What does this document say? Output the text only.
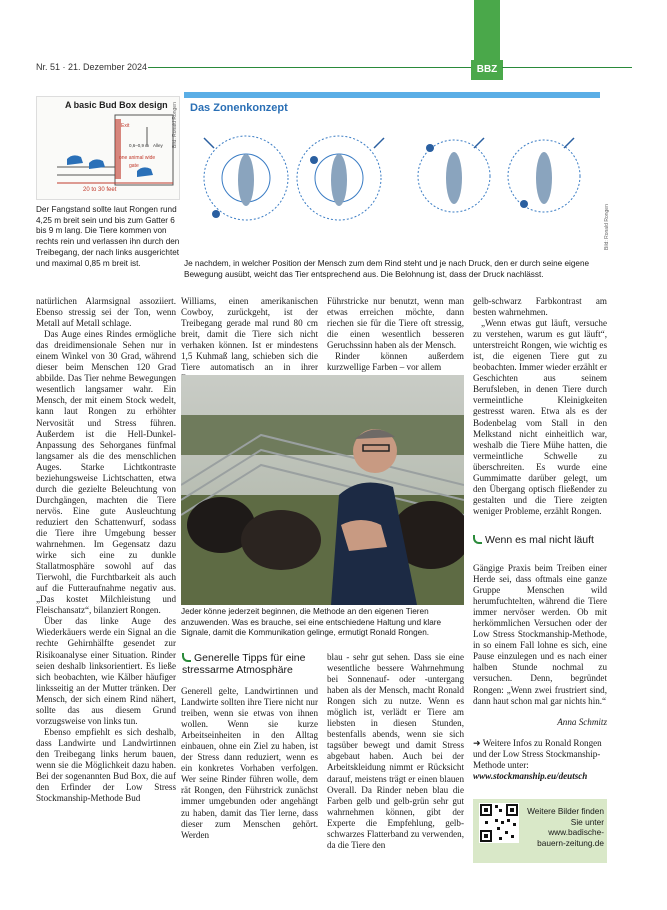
BBZ
Nr. 51 · 21. Dezember 2024
A basic Bud Box design
Exit
0,6–0,9 m Alley
one animal wide
gate
20 to 30 feet
Bild: Ronald Rongen
Der Fangstand sollte laut Rongen rund 4,25 m breit sein und bis zum Gatter 6 bis 9 m lang. Die Tiere kommen von rechts rein und verlassen ihn durch den Treibegang, der nach links ausgerichtet und maximal 0,85 m breit ist.
Das Zonenkonzept
Bild: Ronald Rongen
Je nachdem, in welcher Position der Mensch zum dem Rind steht und je nach Druck, den er durch seine eigene Bewegung ausübt, weicht das Tier entsprechend aus. Die Belohnung ist, dass der Druck nachlässt.

natürlichen Alarmsignal assoziiert. Ebenso stressig sei der Ton, wenn Metall auf Metall schlage.

Das Auge eines Rindes ermögliche das dreidimensionale Sehen nur in einem Winkel von 30 Grad, während dieser beim Menschen 120 Grad abbilde. Das Tier nehme Bewegungen wesentlich langsamer wahr. Ein Mensch, der mit einem Stock wedelt, kann laut Rongen zu erhöhter Nervosität und Stress führen. Außerdem ist die Hell-Dunkel-Anpassung des Sehorganes fünfmal langsamer als die des menschlichen Auges. Starke Lichtkontraste beziehungsweise Lichtschatten, etwa durch die gezielte Beleuchtung von Durchgängen, machten die Tiere nervös. Eine gute Ausleuchtung reduziert den Schattenwurf, sodass die Tiere ihre Umgebung besser wahrnehmen. Im Gegensatz dazu wirke sich eine zu dunkle Stallatmosphäre sowohl auf das Tierwohl, die Furchtbarkeit als auch auf die Futteraufnahme negativ aus. „Das kostet Milchleistung und Fleischansatz“, bilanziert Rongen.

Über das linke Auge des Wiederkäuers werde ein Signal an die rechte Gehirnhälfte gesendet zur Risikoanalyse einer Situation. Rinder seien deshalb linksorientiert. Es ließe sich beobachten, wie Kälber häufiger linksseitig an der Mutter tränken. Der Mensch, der sich einem Rind nähert, sollte das aus diesem Grund vorzugsweise von links tun.

Ebenso empfiehlt es sich deshalb, dass Landwirte und Landwirtinnen den Treibegang links herum bauen, wenn sie die Möglichkeit dazu haben. Bei der sogenannten Bud Box, die auf den Erfinder der Low Stress Stockmanship-Methode Bud

Williams, einen amerikanischen Cowboy, zurückgeht, ist der Treibegang gerade mal rund 80 cm breit, damit die Tiere sich nicht verhaken können. Ist er mindestens 1,5 Kuhmaß lang, schieben sich die Tiere automatisch an in ihrer

Führstricke nur benutzt, wenn man etwas erreichen möchte, dann riechen sie für die Tiere oft stressig, die einen wesentlich besseren Geruchssinn haben als der Mensch.

Rinder können außerdem kurzwellige Farben – vor allem

Jeder könne jederzeit beginnen, die Methode an den eigenen Tieren anzuwenden. Was es brauche, sei eine entschiedene Haltung und klare Signale, damit die Kommunikation gelinge, ermutigt Ronald Rongen.
Generelle Tipps für eine stressarme Atmosphäre

Generell gelte, Landwirtinnen und Landwirte sollten ihre Tiere nicht nur treiben, wenn sie etwas von ihnen wollen. Wenn sie kurze Arbeitseinheiten in den Alltag einbauen, ohne ein Ziel zu haben, ist der Stress dann reduziert, wenn es ein konkretes Vorhaben verfolgen. Wer seine Rinder führen wolle, dem rät Rongen, den Führstrick zunächst immer umgebunden oder angehängt zu haben, damit das Tier lerne, dass dieser zum Menschen gehört. Werden

blau - sehr gut sehen. Dass sie eine wesentliche bessere Wahrnehmung bei Sonnenauf- oder -untergang haben als der Mensch, macht Ronald Rongen sich zu nutze. Wenn es möglich ist, verlädt er Tiere am liebsten in diesen Stunden, bestenfalls abends, wenn sie sich tagsüber bewegt und damit Stress abgebaut haben. Auch bei der Arbeitskleidung nimmt er Rücksicht darauf, meistens trägt er einen blauen Overall. Da Rinder neben blau die Farben gelb und gelb-grün sehr gut wahrnehmen können, gibt der Experte die Empfehlung, gelb-schwarzes Flatterband zu verwenden, da die Tiere den

gelb-schwarz Farbkontrast am besten wahrnehmen.

„Wenn etwas gut läuft, versuche zu verstehen, warum es gut läuft“, unterstreicht Rongen, wie wichtig es ist, die eigenen Tiere gut zu beobachten. Immer wieder erzählt er Geschichten aus seinem Berufsleben, in denen Tiere durch vermeintliche Kleinigkeiten gestresst waren. Etwa als es der Bodenbelag vom Stall in den Melkstand nicht einheitlich war, weshalb die Tiere Mühe hatten, die vermeintliche Schwelle zu überschreiten. Es wurde eine Gummimatte darüber gelegt, um den Übergang optisch fließender zu gestalten und die Tiere zeigten weniger Probleme, erzählt Rongen.

Wenn es mal nicht läuft

Gängige Praxis beim Treiben einer Herde sei, dass oftmals eine ganze Gruppe Menschen wild herumfuchtelten, während die Tiere immer nervöser werden. Ob mit herkömmlichen Versuchen oder der Low Stress Stockmanship-Methode, in so einem Fall lohne es sich, eine Pause einzulegen und es nach einer halben Stunde nochmal zu versuchen. Denn, begründet Rongen: „Wenn zwei frustriert sind, dann haut schon mal gar nichts hin.“

Anna Schmitz
➜ Weitere Infos zu Ronald Rongen und der Low Stress Stockmanship-Methode unter:
www.stockmanship.eu/deutsch
Weitere Bilder finden Sie unter www.badische-bauern-zeitung.de
